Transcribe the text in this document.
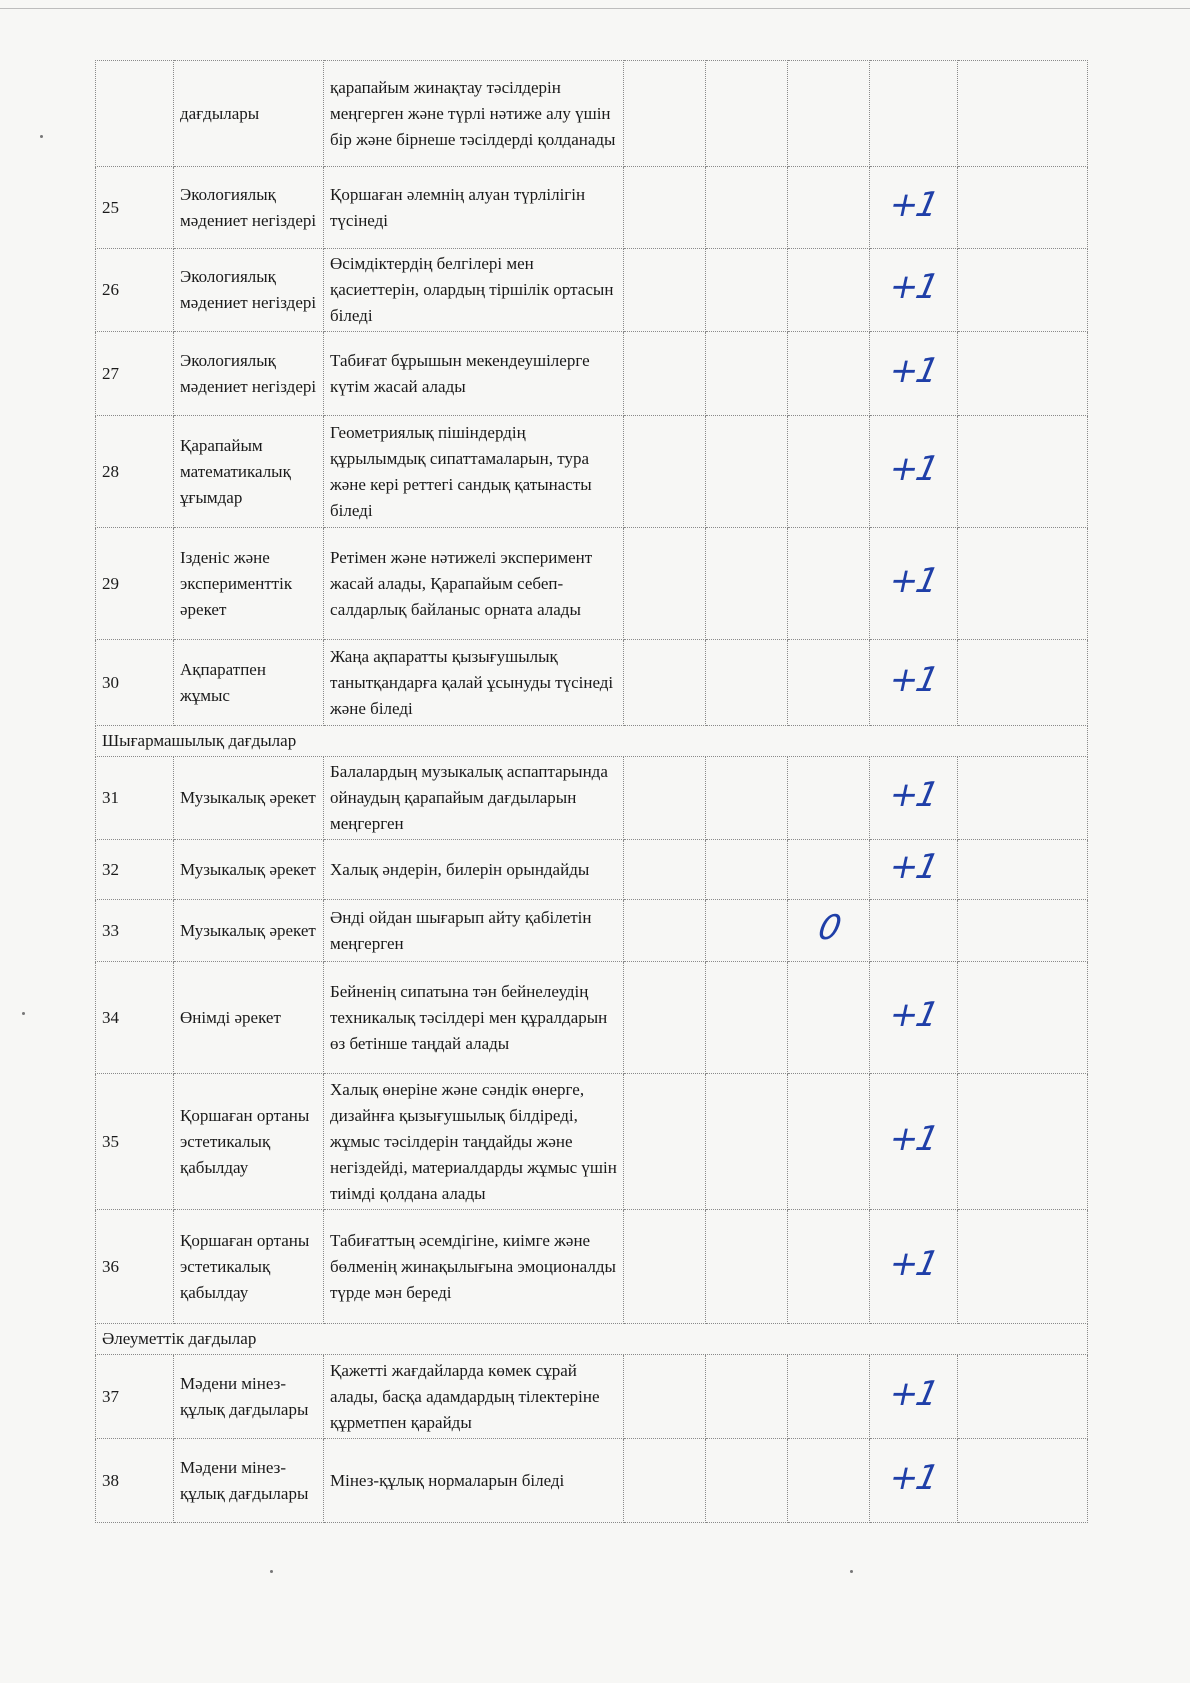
	дағдылары	қарапайым жинақтау тәсілдерін меңгерген және түрлі нәтиже алу үшін бір және бірнеше тәсілдерді қолданады					
25	Экологиялық мәдениет негіздері	Қоршаған әлемнің алуан түрлілігін түсінеді				+1	
26	Экологиялық мәдениет негіздері	Өсімдіктердің белгілері мен қасиеттерін, олардың тіршілік ортасын біледі				+1	
27	Экологиялық мәдениет негіздері	Табиғат бұрышын мекендеушілерге күтім жасай алады				+1	
28	Қарапайым математикалық ұғымдар	Геометриялық пішіндердің құрылымдық сипаттамаларын, тура және кері реттегі сандық қатынасты біледі				+1	
29	Ізденіс және эксперименттік әрекет	Ретімен және нәтижелі эксперимент жасай алады, Қарапайым себеп-салдарлық байланыс орната алады				+1	
30	Ақпаратпен жұмыс	Жаңа ақпаратты қызығушылық танытқандарға қалай ұсынуды түсінеді және біледі				+1	
Шығармашылық дағдылар							
31	Музыкалық әрекет	Балалардың музыкалық аспаптарында ойнаудың қарапайым дағдыларын меңгерген				+1	
32	Музыкалық әрекет	Халық әндерін, билерін орындайды				+1	
33	Музыкалық әрекет	Әнді ойдан шығарып айту қабілетін меңгерген			0		
34	Өнімді әрекет	Бейненің сипатына тән бейнелеудің техникалық тәсілдері мен құралдарын өз бетінше таңдай алады				+1	
35	Қоршаған ортаны эстетикалық қабылдау	Халық өнеріне және сәндік өнерге, дизайнға қызығушылық білдіреді, жұмыс тәсілдерін таңдайды және негіздейді, материалдарды жұмыс үшін тиімді қолдана алады				+1	
36	Қоршаған ортаны эстетикалық қабылдау	Табиғаттың әсемдігіне, киімге және бөлменің жинақылығына эмоционалды түрде мән береді				+1	
Әлеуметтік дағдылар							
37	Мәдени мінез-құлық дағдылары	Қажетті жағдайларда көмек сұрай алады, басқа адамдардың тілектеріне құрметпен қарайды				+1	
38	Мәдени мінез-құлық дағдылары	Мінез-құлық нормаларын біледі				+1	
